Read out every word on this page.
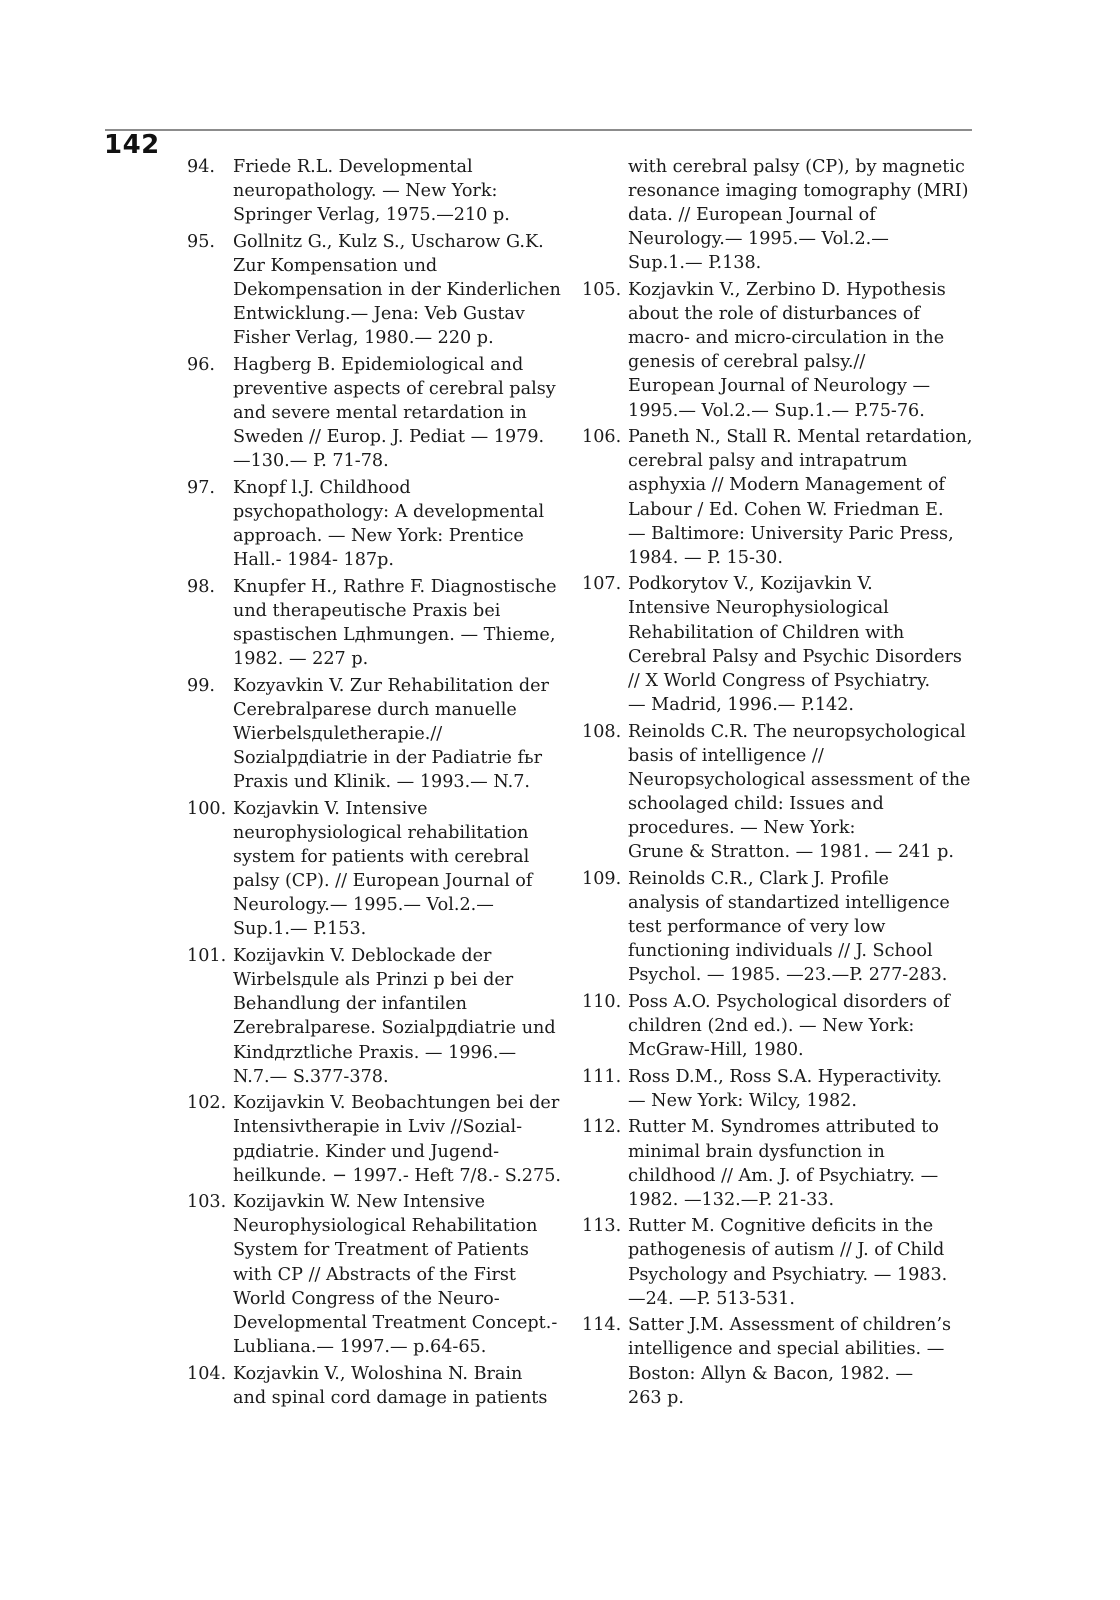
142
94. Friede R.L. Developmental
neuropathology. — New York:
Springer Verlag, 1975.—210 p.
95. Gollnitz G., Kulz S., Uscharow G.K.
Zur Kompensation und
Dekompensation in der Kinderlichen
Entwicklung.— Jena: Veb Gustav
Fisher Verlag, 1980.— 220 p.
96. Hagberg B. Epidemiological and
preventive aspects of cerebral palsy
and severe mental retardation in
Sweden // Europ. J. Pediat — 1979.
—130.— P. 71-78.
97. Knopf l.J. Childhood
psychopathology: A developmental
approach. — New York: Prentice
Hall.- 1984- 187p.
98. Knupfer H., Rathre F. Diagnostische
und therapeutische Praxis bei
spastischen Lдhmungen. — Thieme,
1982. — 227 p.
99. Kozyavkin V. Zur Rehabilitation der
Cerebralparese durch manuelle
Wierbelsдuletherapie.//
Sozialpдdiatrie in der Padiatrie fьr
Praxis und Klinik. — 1993.— N.7.
100. Kozjavkin V. Intensive
neurophysiological rehabilitation
system for patients with cerebral
palsy (CP). // European Journal of
Neurology.— 1995.— Vol.2.—
Sup.1.— P.153.
101. Kozijavkin V. Deblockade der
Wirbelsдule als Prinzi p bei der
Behandlung der infantilen
Zerebralparese. Sozialpдdiatrie und
Kindдrztliche Praxis. — 1996.—
N.7.— S.377-378.
102. Kozijavkin V. Beobachtungen bei der
Intensivtherapie in Lviv //Sozial-
pдdiatrie. Kinder und Jugend-
heilkunde. − 1997.- Heft 7/8.- S.275.
103. Kozijavkin W. New Intensive
Neurophysiological Rehabilitation
System for Treatment of Patients
with CP // Abstracts of the First
World Congress of the Neuro-
Developmental Treatment Concept.-
Lubliana.— 1997.— p.64-65.
104. Kozjavkin V., Woloshina N. Brain
and spinal cord damage in patients
with cerebral palsy (CP), by magnetic
resonance imaging tomography (MRI)
data. // European Journal of
Neurology.— 1995.— Vol.2.—
Sup.1.— P.138.
105. Kozjavkin V., Zerbino D. Hypothesis
about the role of disturbances of
macro- and micro-circulation in the
genesis of cerebral palsy.//
European Journal of Neurology —
1995.— Vol.2.— Sup.1.— P.75-76.
106. Paneth N., Stall R. Mental retardation,
cerebral palsy and intrapatrum
asphyxia // Modern Management of
Labour / Ed. Cohen W. Friedman E.
— Baltimore: University Paric Press,
1984. — P. 15-30.
107. Podkorytov V., Kozijavkin V.
Intensive Neurophysiological
Rehabilitation of Children with
Cerebral Palsy and Psychic Disorders
// X World Congress of Psychiatry.
— Madrid, 1996.— P.142.
108. Reinolds C.R. The neuropsychological
basis of intelligence //
Neuropsychological assessment of the
schoolaged child: Issues and
procedures. — New York:
Grune & Stratton. — 1981. — 241 p.
109. Reinolds C.R., Clark J. Profile
analysis of standartized intelligence
test performance of very low
functioning individuals // J. School
Psychol. — 1985. —23.—P. 277-283.
110. Poss A.O. Psychological disorders of
children (2nd ed.). — New York:
McGraw-Hill, 1980.
111. Ross D.M., Ross S.A. Hyperactivity.
— New York: Wilcy, 1982.
112. Rutter M. Syndromes attributed to
minimal brain dysfunction in
childhood // Am. J. of Psychiatry. —
1982. —132.—P. 21-33.
113. Rutter M. Cognitive deficits in the
pathogenesis of autism // J. of Child
Psychology and Psychiatry. — 1983.
—24. —P. 513-531.
114. Satter J.M. Assessment of children’s
intelligence and special abilities. —
Boston: Allyn & Bacon, 1982. —
263 p.
